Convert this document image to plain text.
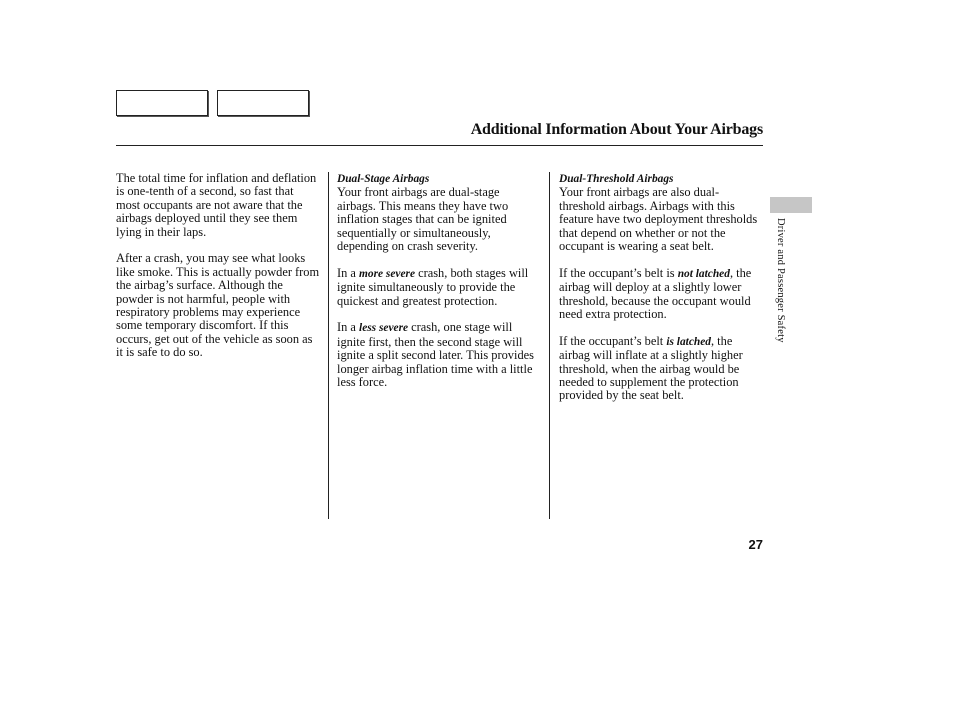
Additional Information About Your Airbags

The total time for inflation and deflation is one-tenth of a second, so fast that most occupants are not aware that the airbags deployed until they see them lying in their laps.

After a crash, you may see what looks like smoke. This is actually powder from the airbag’s surface. Although the powder is not harmful, people with respiratory problems may experience some temporary discomfort. If this occurs, get out of the vehicle as soon as it is safe to do so.

Dual-Stage Airbags

Your front airbags are dual-stage airbags. This means they have two inflation stages that can be ignited sequentially or simultaneously, depending on crash severity.

In a more severe crash, both stages will ignite simultaneously to provide the quickest and greatest protection.

In a less severe crash, one stage will ignite first, then the second stage will ignite a split second later. This provides longer airbag inflation time with a little less force.

Dual-Threshold Airbags

Your front airbags are also dual-threshold airbags. Airbags with this feature have two deployment thresholds that depend on whether or not the occupant is wearing a seat belt.

If the occupant’s belt is not latched, the airbag will deploy at a slightly lower threshold, because the occupant would need extra protection.

If the occupant’s belt is latched, the airbag will inflate at a slightly higher threshold, when the airbag would be needed to supplement the protection provided by the seat belt.

Driver and Passenger Safety
27
